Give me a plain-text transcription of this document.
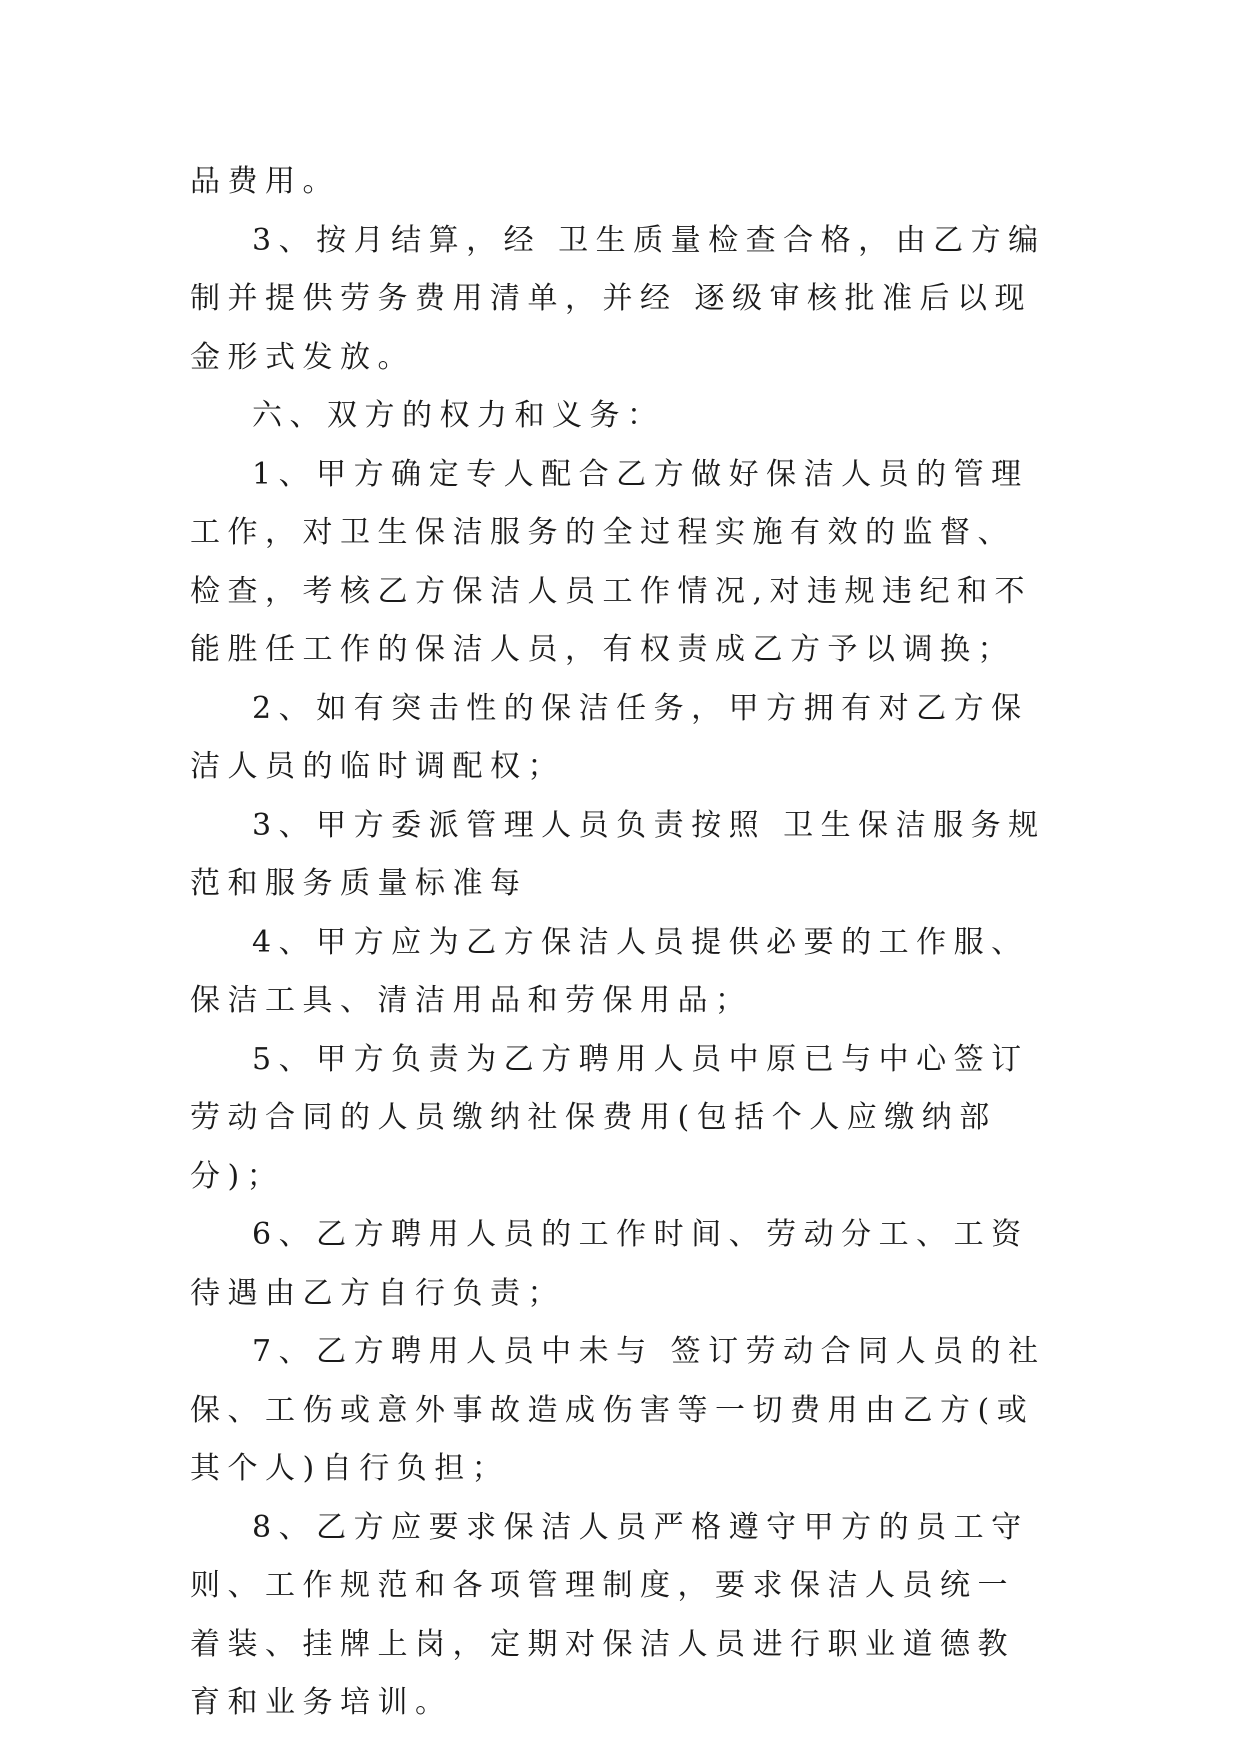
品费用。

3、按月结算，经 卫生质量检查合格，由乙方编制并提供劳务费用清单，并经 逐级审核批准后以现金形式发放。

六、双方的权力和义务：

1、甲方确定专人配合乙方做好保洁人员的管理工作，对卫生保洁服务的全过程实施有效的监督、检查，考核乙方保洁人员工作情况,对违规违纪和不能胜任工作的保洁人员，有权责成乙方予以调换；

2、如有突击性的保洁任务，甲方拥有对乙方保洁人员的临时调配权；

3、甲方委派管理人员负责按照 卫生保洁服务规范和服务质量标准每

4、甲方应为乙方保洁人员提供必要的工作服、保洁工具、清洁用品和劳保用品；

5、甲方负责为乙方聘用人员中原已与中心签订劳动合同的人员缴纳社保费用(包括个人应缴纳部分)；

6、乙方聘用人员的工作时间、劳动分工、工资待遇由乙方自行负责；

7、乙方聘用人员中未与 签订劳动合同人员的社保、工伤或意外事故造成伤害等一切费用由乙方(或其个人)自行负担；

8、乙方应要求保洁人员严格遵守甲方的员工守则、工作规范和各项管理制度，要求保洁人员统一着装、挂牌上岗，定期对保洁人员进行职业道德教育和业务培训。
